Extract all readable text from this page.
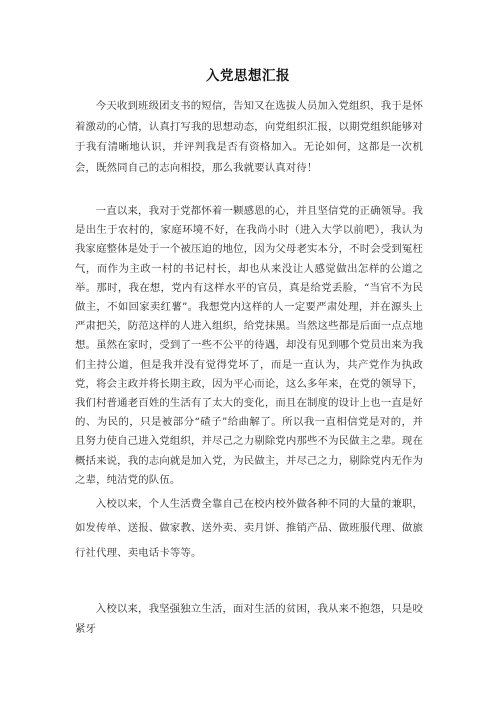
入党思想汇报

今天收到班级团支书的短信，告知又在选拔人员加入党组织，我于是怀着激动的心情，认真打写我的思想动态，向党组织汇报，以期党组织能够对于我有清晰地认识，并评判我是否有资格加入。无论如何，这都是一次机会，既然同自己的志向相投，那么我就要认真对待！

一直以来，我对于党都怀着一颗感恩的心，并且坚信党的正确领导。我是出生于农村的，家庭环境不好，在我尚小时（进入大学以前吧），我认为我家庭整体是处于一个被压迫的地位，因为父母老实本分，不时会受到冤枉气，而作为主政一村的书记村长，却也从来没让人感觉做出怎样的公道之举。那时，我在想，党内有这样水平的官员，真是给党丢脸，“当官不为民做主，不如回家卖红薯”。我想党内这样的人一定要严肃处理，并在源头上严肃把关，防范这样的人进入组织，给党抹黑。当然这些都是后面一点点地想。虽然在家时，受到了一些不公平的待遇，却没有见到哪个党员出来为我们主持公道，但是我并没有觉得党坏了，而是一直认为，共产党作为执政党，将会主政并将长期主政，因为平心而论，这么多年来，在党的领导下，我们村普通老百姓的生活有了太大的变化，而且在制度的设计上也一直是好的、为民的，只是被部分“碴子”给曲解了。所以我一直相信党是对的，并且努力使自己进入党组织，并尽己之力剔除党内那些不为民做主之辈。现在概括来说，我的志向就是加入党，为民做主，并尽己之力，剔除党内无作为之辈，纯洁党的队伍。

入校以来，个人生活费全靠自己在校内校外做各种不同的大量的兼职，如发传单、送报、做家教、送外卖、卖月饼、推销产品、做班服代理、做旅行社代理、卖电话卡等等。

入校以来，我坚强独立生活，面对生活的贫困，我从来不抱怨，只是咬紧牙
